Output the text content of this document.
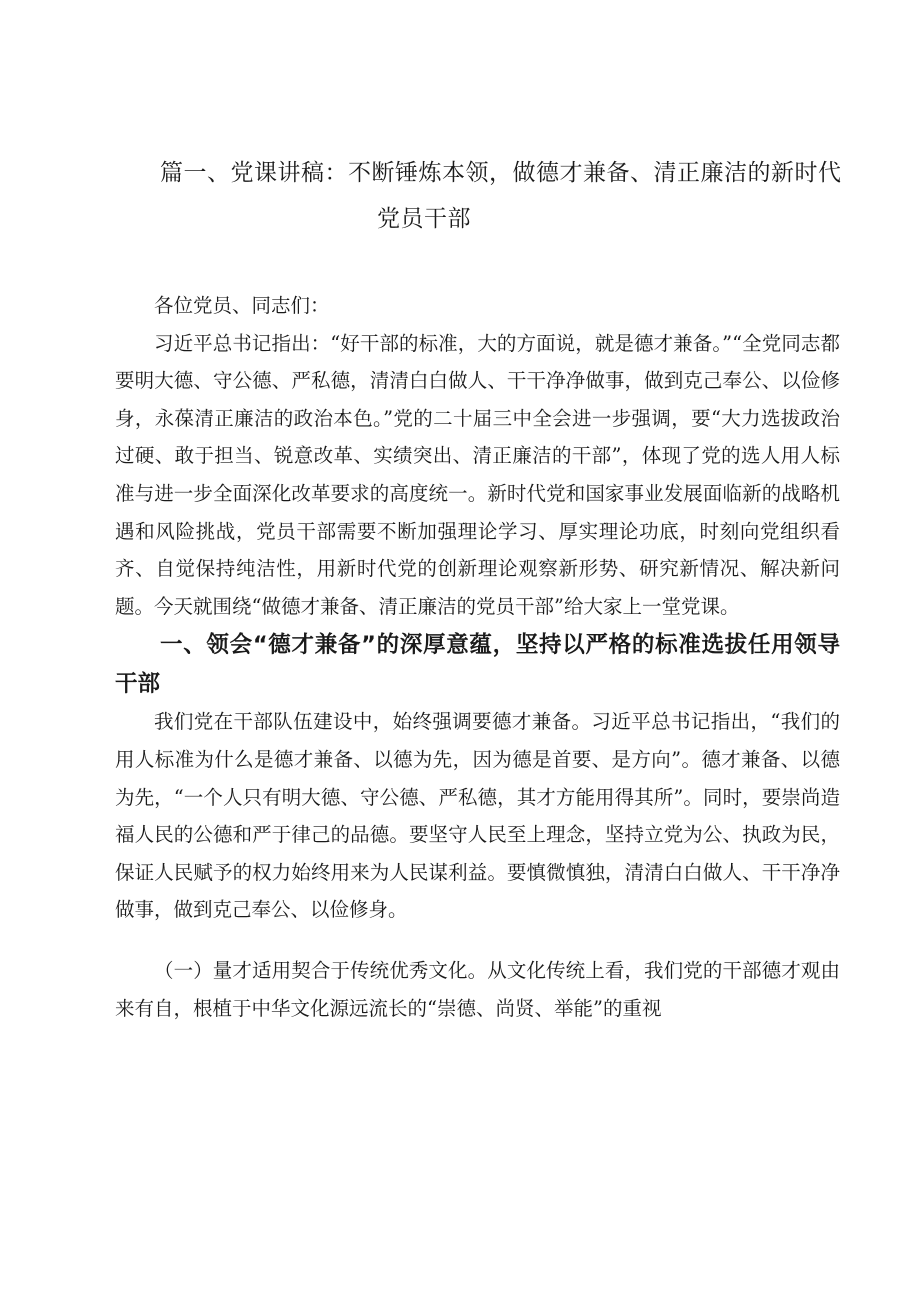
篇一、党课讲稿：不断锤炼本领，做德才兼备、清正廉洁的新时代
党员干部

各位党员、同志们：

习近平总书记指出：“好干部的标准，大的方面说，就是德才兼备。”“全党同志都要明大德、守公德、严私德，清清白白做人、干干净净做事，做到克己奉公、以俭修身，永葆清正廉洁的政治本色。”党的二十届三中全会进一步强调，要“大力选拔政治过硬、敢于担当、锐意改革、实绩突出、清正廉洁的干部”，体现了党的选人用人标准与进一步全面深化改革要求的高度统一。新时代党和国家事业发展面临新的战略机遇和风险挑战，党员干部需要不断加强理论学习、厚实理论功底，时刻向党组织看齐、自觉保持纯洁性，用新时代党的创新理论观察新形势、研究新情况、解决新问题。今天就围绕“做德才兼备、清正廉洁的党员干部”给大家上一堂党课。

一、领会“德才兼备”的深厚意蕴，坚持以严格的标准选拔任用领导干部

我们党在干部队伍建设中，始终强调要德才兼备。习近平总书记指出，“我们的用人标准为什么是德才兼备、以德为先，因为德是首要、是方向”。德才兼备、以德为先，“一个人只有明大德、守公德、严私德，其才方能用得其所”。同时，要崇尚造福人民的公德和严于律己的品德。要坚守人民至上理念，坚持立党为公、执政为民，保证人民赋予的权力始终用来为人民谋利益。要慎微慎独，清清白白做人、干干净净做事，做到克己奉公、以俭修身。

（一）量才适用契合于传统优秀文化。从文化传统上看，我们党的干部德才观由来有自，根植于中华文化源远流长的“崇德、尚贤、举能”的重视
